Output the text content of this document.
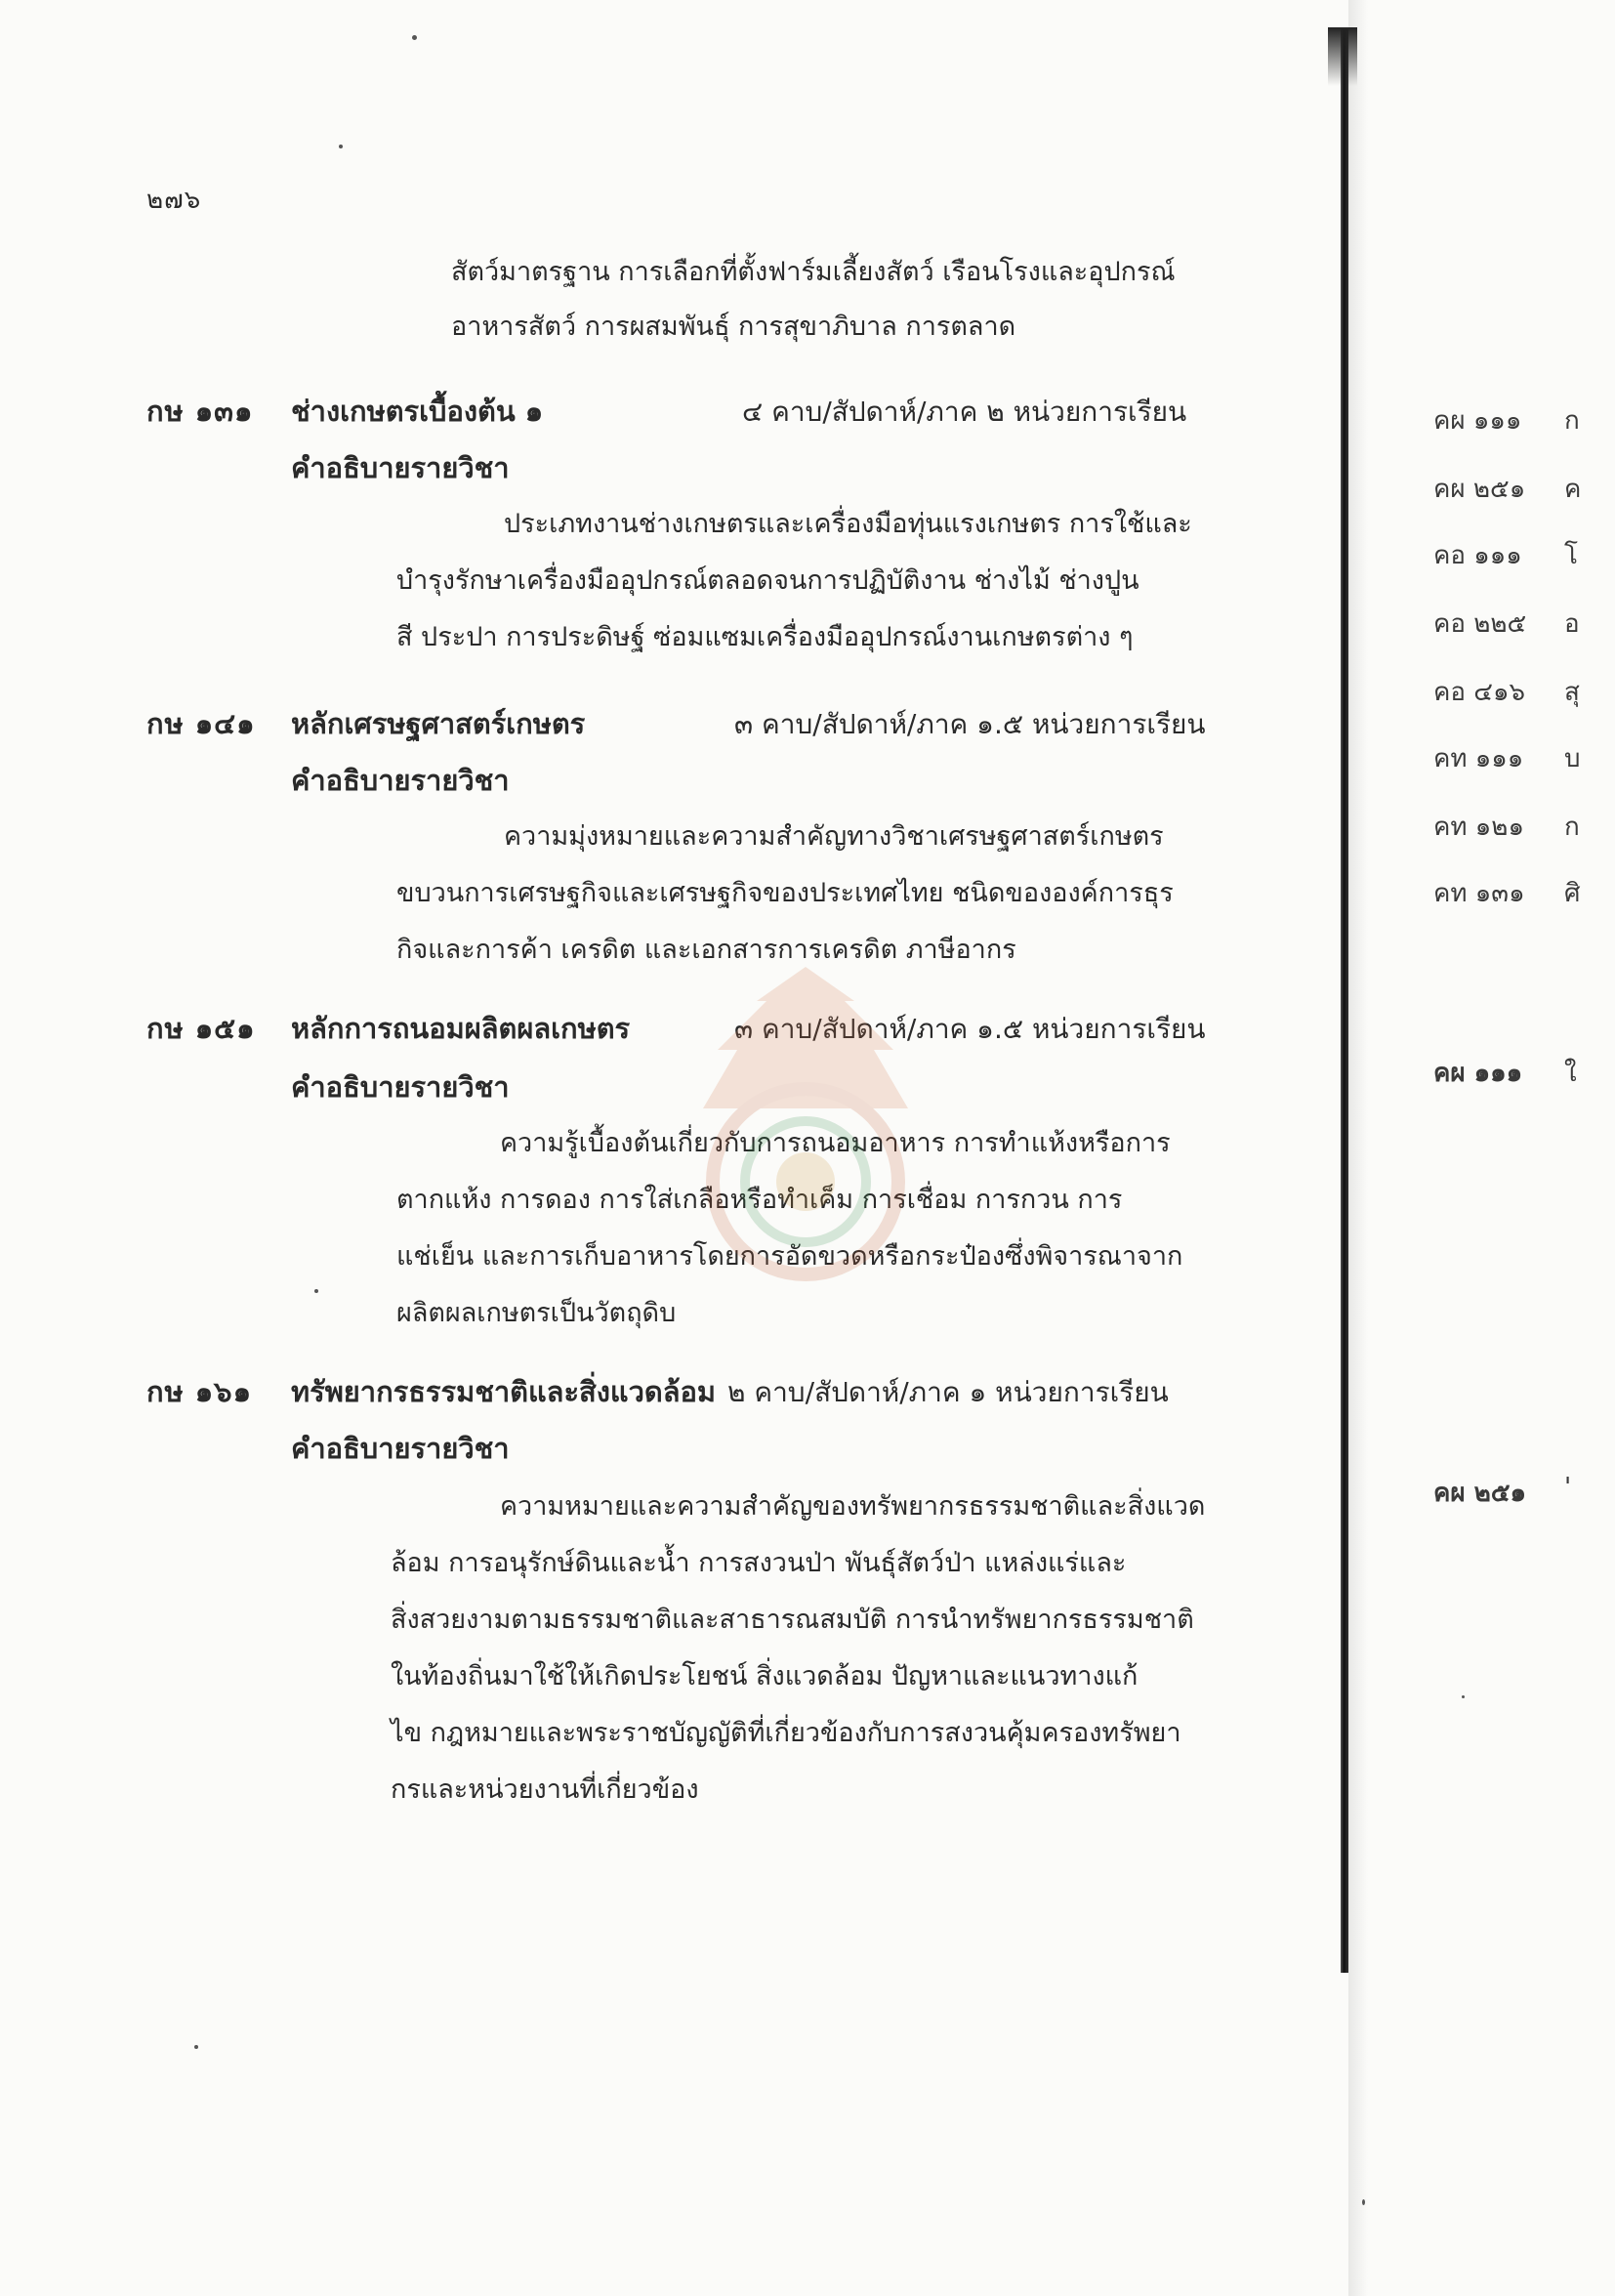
๒๗๖
สัตว์มาตรฐาน การเลือกที่ตั้งฟาร์มเลี้ยงสัตว์ เรือนโรงและอุปกรณ์
อาหารสัตว์ การผสมพันธุ์ การสุขาภิบาล การตลาด
กษ ๑๓๑ ช่างเกษตรเบื้องต้น ๑	๔ คาบ/สัปดาห์/ภาค ๒ หน่วยการเรียน
คำอธิบายรายวิชา
ประเภทงานช่างเกษตรและเครื่องมือทุ่นแรงเกษตร การใช้และ
บำรุงรักษาเครื่องมืออุปกรณ์ตลอดจนการปฏิบัติงาน ช่างไม้ ช่างปูน
สี ประปา การประดิษฐ์ ซ่อมแซมเครื่องมืออุปกรณ์งานเกษตรต่าง ๆ
กษ ๑๔๑ หลักเศรษฐศาสตร์เกษตร	๓ คาบ/สัปดาห์/ภาค ๑.๕ หน่วยการเรียน
คำอธิบายรายวิชา
ความมุ่งหมายและความสำคัญทางวิชาเศรษฐศาสตร์เกษตร
ขบวนการเศรษฐกิจและเศรษฐกิจของประเทศไทย ชนิดขององค์การธุร
กิจและการค้า เครดิต และเอกสารการเครดิต ภาษีอากร
กษ ๑๕๑ หลักการถนอมผลิตผลเกษตร	๓ คาบ/สัปดาห์/ภาค ๑.๕ หน่วยการเรียน
คำอธิบายรายวิชา
ความรู้เบื้องต้นเกี่ยวกับการถนอมอาหาร การทำแห้งหรือการ
ตากแห้ง การดอง การใส่เกลือหรือทำเค็ม การเชื่อม การกวน การ
แช่เย็น และการเก็บอาหารโดยการอัดขวดหรือกระป๋องซึ่งพิจารณาจาก
ผลิตผลเกษตรเป็นวัตถุดิบ
กษ ๑๖๑ ทรัพยากรธรรมชาติและสิ่งแวดล้อม ๒ คาบ/สัปดาห์/ภาค ๑ หน่วยการเรียน
คำอธิบายรายวิชา
ความหมายและความสำคัญของทรัพยากรธรรมชาติและสิ่งแวด
ล้อม การอนุรักษ์ดินและน้ำ การสงวนป่า พันธุ์สัตว์ป่า แหล่งแร่และ
สิ่งสวยงามตามธรรมชาติและสาธารณสมบัติ การนำทรัพยากรธรรมชาติ
ในท้องถิ่นมาใช้ให้เกิดประโยชน์ สิ่งแวดล้อม ปัญหาและแนวทางแก้
ไข กฎหมายและพระราชบัญญัติที่เกี่ยวข้องกับการสงวนคุ้มครองทรัพยา
กรและหน่วยงานที่เกี่ยวข้อง
คผ ๑๑๑ ก
คผ ๒๕๑ ค
คอ ๑๑๑ โ
คอ ๒๒๕ อ
คอ ๔๑๖ สุ
คท ๑๑๑ บ
คท ๑๒๑ ก
คท ๑๓๑ ศิ
คผ ๑๑๑ ใ
คผ ๒๕๑ '
